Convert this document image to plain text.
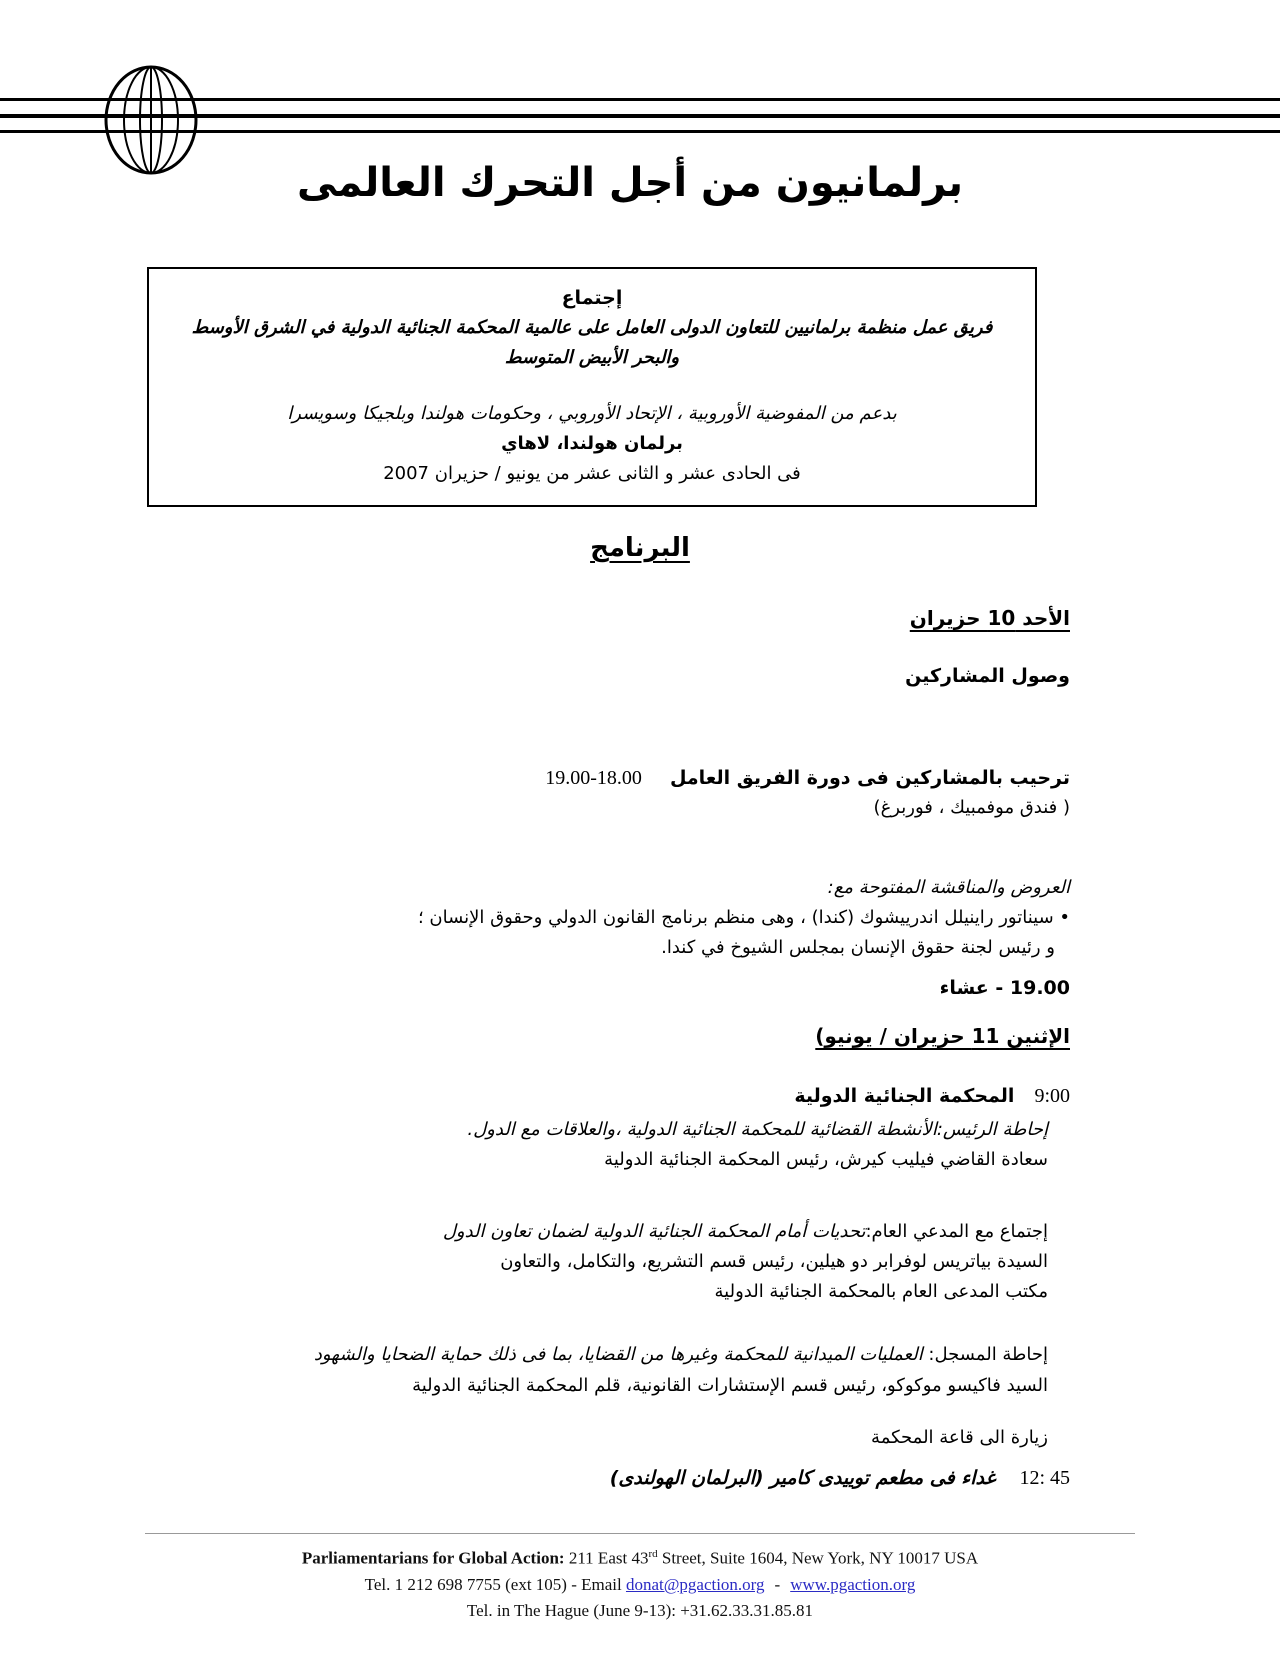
برلمانيون من أجل التحرك العالمى
إجتماع
فريق عمل منظمة برلمانيين للتعاون الدولى العامل على عالمية المحكمة الجنائية الدولية في الشرق الأوسط
والبحر الأبيض المتوسط
بدعم من المفوضية الأوروبية ، الإتحاد الأوروبي ، وحكومات هولندا وبلجيكا وسويسرا
برلمان هولندا، لاهاي
فى الحادى عشر و الثانى عشر من يونيو / حزيران 2007
البرنامج
الأحد 10 حزيران
وصول المشاركين
ترحيب بالمشاركين فى دورة الفريق العامل
19.00-18.00
( فندق موفمبيك ، فوربرغ)
العروض والمناقشة المفتوحة مع:
• سيناتور راينيلل اندرييشوك (كندا) ، وهى منظم برنامج القانون الدولي وحقوق الإنسان ؛
و رئيس لجنة حقوق الإنسان بمجلس الشيوخ في كندا.
19.00 - عشاء
الإثنين 11 حزيران / يونيو)
9:00
المحكمة الجنائية الدولية
إحاطة الرئيس:الأنشطة القضائية للمحكمة الجنائية الدولية ،والعلاقات مع الدول.
سعادة القاضي فيليب كيرش، رئيس المحكمة الجنائية الدولية
إجتماع مع المدعي العام:تحديات أمام المحكمة الجنائية الدولية لضمان تعاون الدول
السيدة بياتريس لوفرابر دو هيلين، رئيس قسم التشريع، والتكامل، والتعاون
مكتب المدعى العام بالمحكمة الجنائية الدولية
إحاطة المسجل: العمليات الميدانية للمحكمة وغيرها من القضايا، بما فى ذلك حماية الضحايا والشهود
السيد فاكيسو موكوكو، رئيس قسم الإستشارات القانونية، قلم المحكمة الجنائية الدولية
زيارة الى قاعة المحكمة
12: 45
غداء فى مطعم توييدى كامير (البرلمان الهولندى)
Parliamentarians for Global Action: 211 East 43rd Street, Suite 1604, New York, NY 10017 USA
Tel. 1 212 698 7755 (ext 105) - Email donat@pgaction.org - www.pgaction.org
Tel. in The Hague (June 9-13): +31.62.33.31.85.81
